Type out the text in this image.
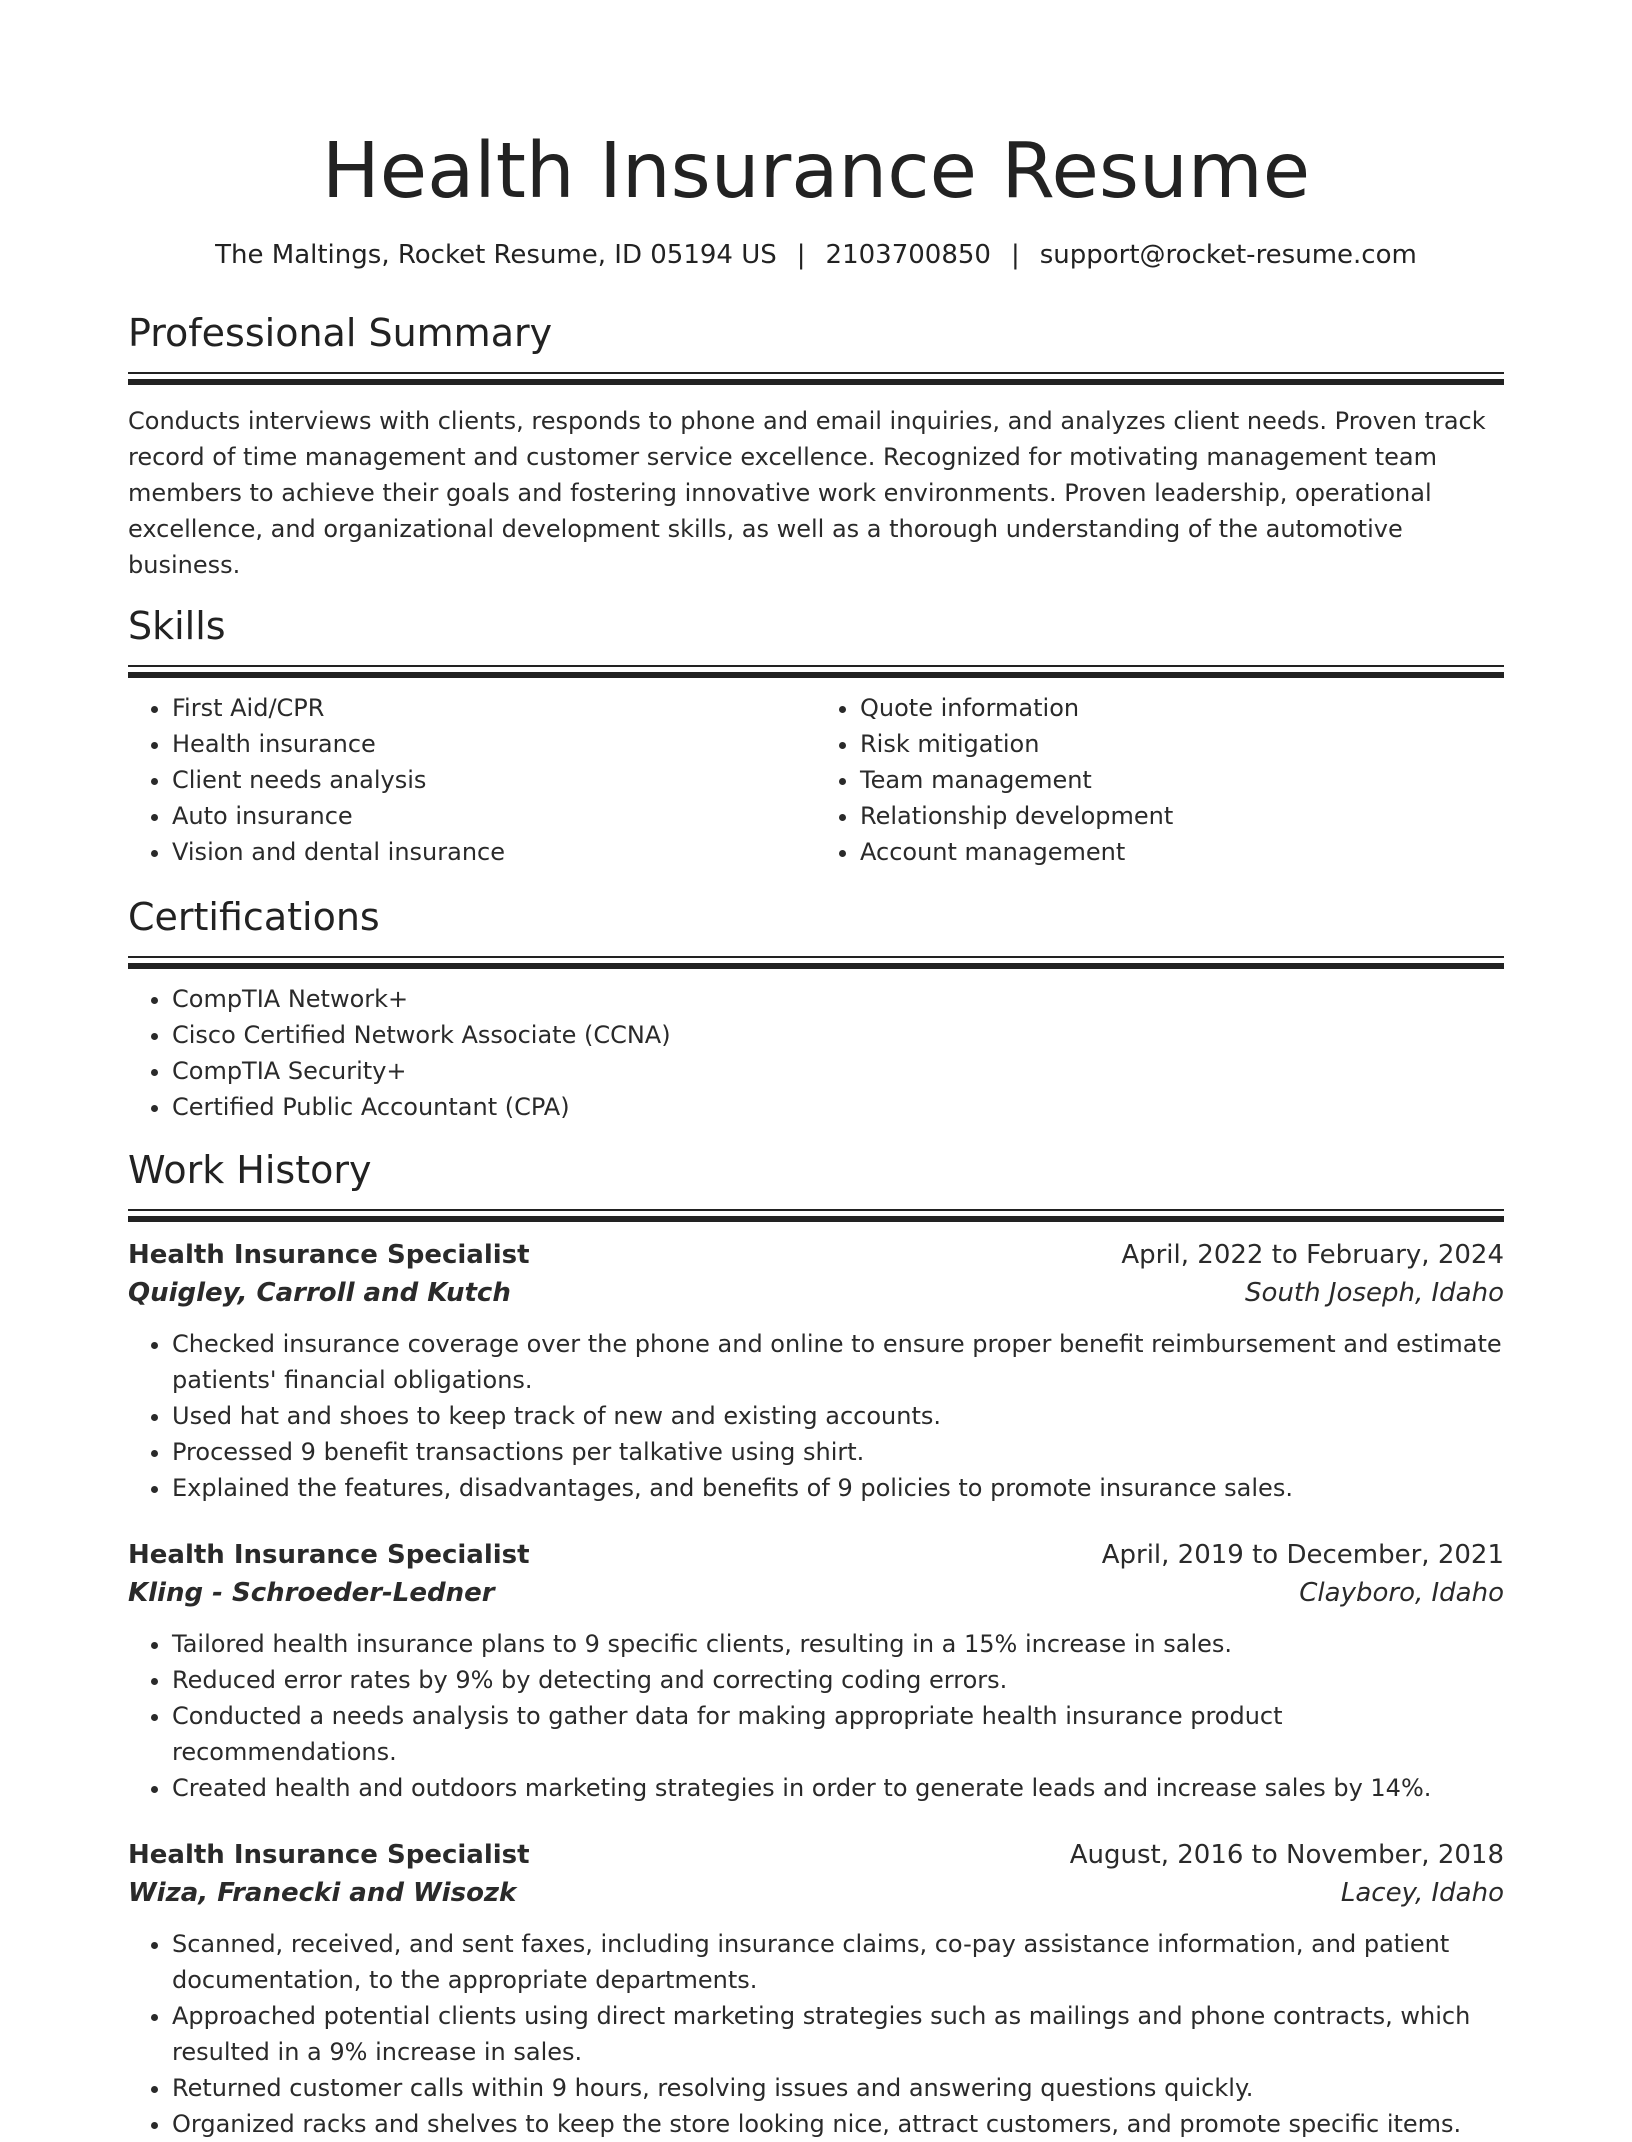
Health Insurance Resume
The Maltings, Rocket Resume, ID 05194 US | 2103700850 | support@rocket-resume.com
Professional Summary

Conducts interviews with clients, responds to phone and email inquiries, and analyzes client needs. Proven track record of time management and customer service excellence. Recognized for motivating management team members to achieve their goals and fostering innovative work environments. Proven leadership, operational excellence, and organizational development skills, as well as a thorough understanding of the automotive business.

Skills
• First Aid/CPR
• Health insurance
• Client needs analysis
• Auto insurance
• Vision and dental insurance
• Quote information
• Risk mitigation
• Team management
• Relationship development
• Account management
Certifications
• CompTIA Network+
• Cisco Certified Network Associate (CCNA)
• CompTIA Security+
• Certified Public Accountant (CPA)
Work History
Health Insurance Specialist	April, 2022 to February, 2024
Quigley, Carroll and Kutch	South Joseph, Idaho
• Checked insurance coverage over the phone and online to ensure proper benefit reimbursement and estimate patients' financial obligations.
• Used hat and shoes to keep track of new and existing accounts.
• Processed 9 benefit transactions per talkative using shirt.
• Explained the features, disadvantages, and benefits of 9 policies to promote insurance sales.
Health Insurance Specialist	April, 2019 to December, 2021
Kling - Schroeder-Ledner	Clayboro, Idaho
• Tailored health insurance plans to 9 specific clients, resulting in a 15% increase in sales.
• Reduced error rates by 9% by detecting and correcting coding errors.
• Conducted a needs analysis to gather data for making appropriate health insurance product recommendations.
• Created health and outdoors marketing strategies in order to generate leads and increase sales by 14%.
Health Insurance Specialist	August, 2016 to November, 2018
Wiza, Franecki and Wisozk	Lacey, Idaho
• Scanned, received, and sent faxes, including insurance claims, co-pay assistance information, and patient documentation, to the appropriate departments.
• Approached potential clients using direct marketing strategies such as mailings and phone contracts, which resulted in a 9% increase in sales.
• Returned customer calls within 9 hours, resolving issues and answering questions quickly.
• Organized racks and shelves to keep the store looking nice, attract customers, and promote specific items.
